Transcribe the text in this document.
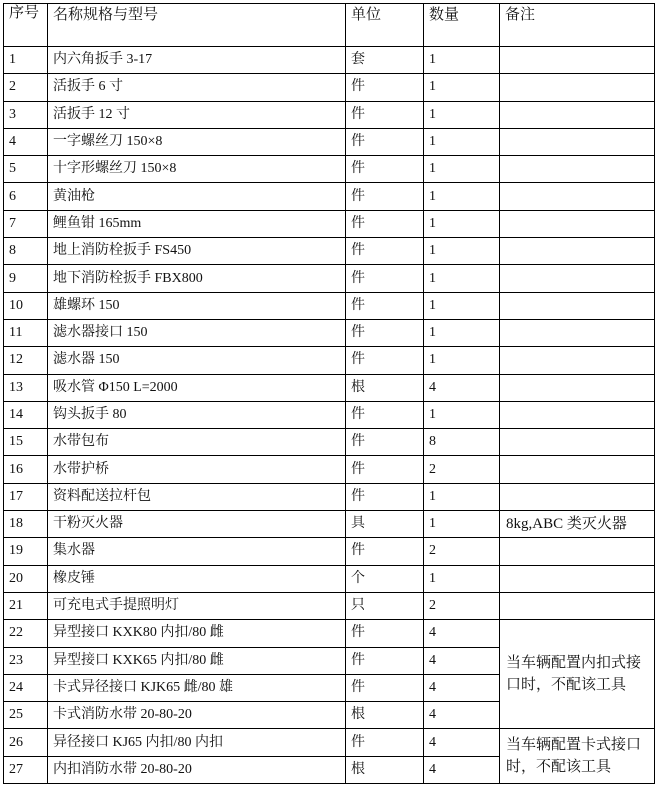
序号	名称规格与型号	单位	数量	备注
1	内六角扳手 3-17	套	1	
2	活扳手 6 寸	件	1	
3	活扳手 12 寸	件	1	
4	一字螺丝刀 150×8	件	1	
5	十字形螺丝刀 150×8	件	1	
6	黄油枪	件	1	
7	鲤鱼钳 165mm	件	1	
8	地上消防栓扳手 FS450	件	1	
9	地下消防栓扳手 FBX800	件	1	
10	雄螺环 150	件	1	
11	滤水器接口 150	件	1	
12	滤水器 150	件	1	
13	吸水管 Φ150 L=2000	根	4	
14	钩头扳手 80	件	1	
15	水带包布	件	8	
16	水带护桥	件	2	
17	资料配送拉杆包	件	1	
18	干粉灭火器	具	1	8kg,ABC 类灭火器
19	集水器	件	2	
20	橡皮锤	个	1	
21	可充电式手提照明灯	只	2	
22	异型接口 KXK80 内扣/80 雌	件	4	当车辆配置内扣式接口时，不配该工具
23	异型接口 KXK65 内扣/80 雌	件	4	
24	卡式异径接口 KJK65 雌/80 雄	件	4	
25	卡式消防水带 20-80-20	根	4	
26	异径接口 KJ65 内扣/80 内扣	件	4	当车辆配置卡式接口时，不配该工具
27	内扣消防水带 20-80-20	根	4	
